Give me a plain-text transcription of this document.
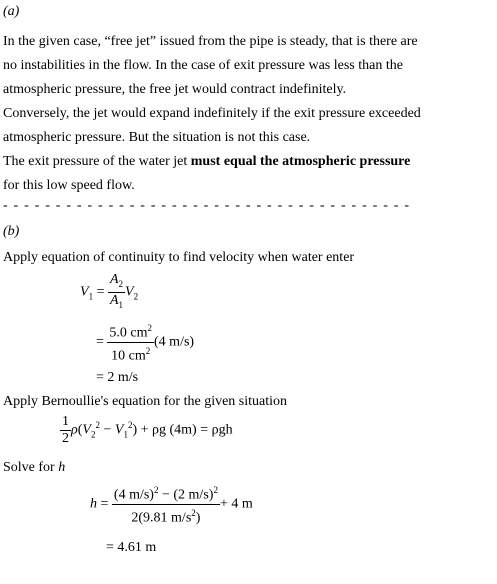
(a)
In the given case, “free jet” issued from the pipe is steady, that is there are
no instabilities in the flow. In the case of exit pressure was less than the
atmospheric pressure, the free jet would contract indefinitely.
Conversely, the jet would expand indefinitely if the exit pressure exceeded
atmospheric pressure. But the situation is not this case.
The exit pressure of the water jet must equal the atmospheric pressure
for this low speed flow.
- - - - - - - - - - - - - - - - - - - - - - - - - - - - - - - - - - - - - - -
(b)
Apply equation of continuity to find velocity when water enter
$V_1 = \frac{A_2}{A_1} V_2$
= $\frac{5.0 cm^2}{10 cm^2} (4$ m/s)
= 2 m/s
Apply Bernoullie's equation for the given situation
$\frac{1}{2} \rho(V_2^2 - V_1^2) + \rho g$ (4m) = ρgh
Solve for h
$h = \frac{(4 m/s)^2 - (2 m/s)^2}{2(9.81 m/s^2)} + 4$ m
= 4.61 m
